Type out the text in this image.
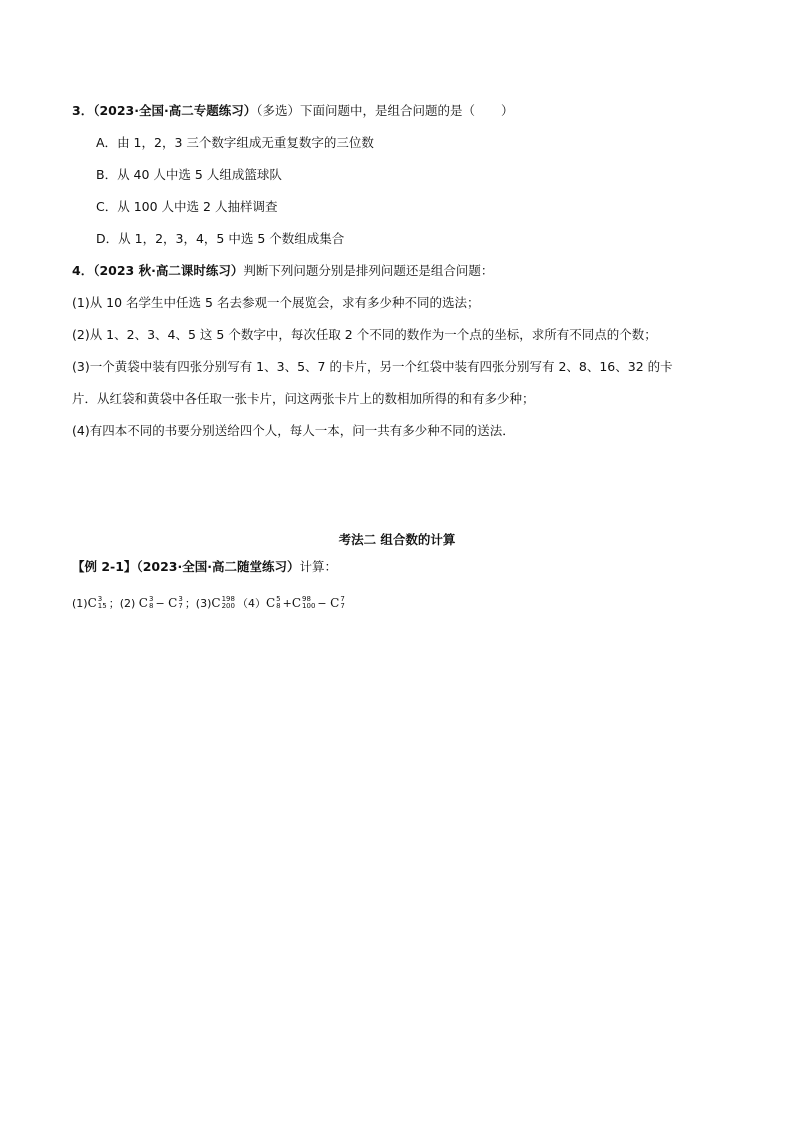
3．（2023·全国·高二专题练习）（多选）下面问题中，是组合问题的是（ ）
A．由 1，2，3 三个数字组成无重复数字的三位数
B．从 40 人中选 5 人组成篮球队
C．从 100 人中选 2 人抽样调查
D．从 1，2，3，4，5 中选 5 个数组成集合
4．（2023 秋·高二课时练习）判断下列问题分别是排列问题还是组合问题：
(1)从 10 名学生中任选 5 名去参观一个展览会，求有多少种不同的选法；
(2)从 1、2、3、4、5 这 5 个数字中，每次任取 2 个不同的数作为一个点的坐标，求所有不同点的个数；
(3)一个黄袋中装有四张分别写有 1、3、5、7 的卡片，另一个红袋中装有四张分别写有 2、8、16、32 的卡
片．从红袋和黄袋中各任取一张卡片，问这两张卡片上的数相加所得的和有多少种；
(4)有四本不同的书要分别送给四个人，每人一本，问一共有多少种不同的送法．
考法二 组合数的计算
【例 2-1】（2023·全国·高二随堂练习）计算：
(1)C 3
15 ；(2) C 3
8 − C 3
7 ；(3)C 198
200 （4）C 5
8 +C 98
100 − C 7
7
